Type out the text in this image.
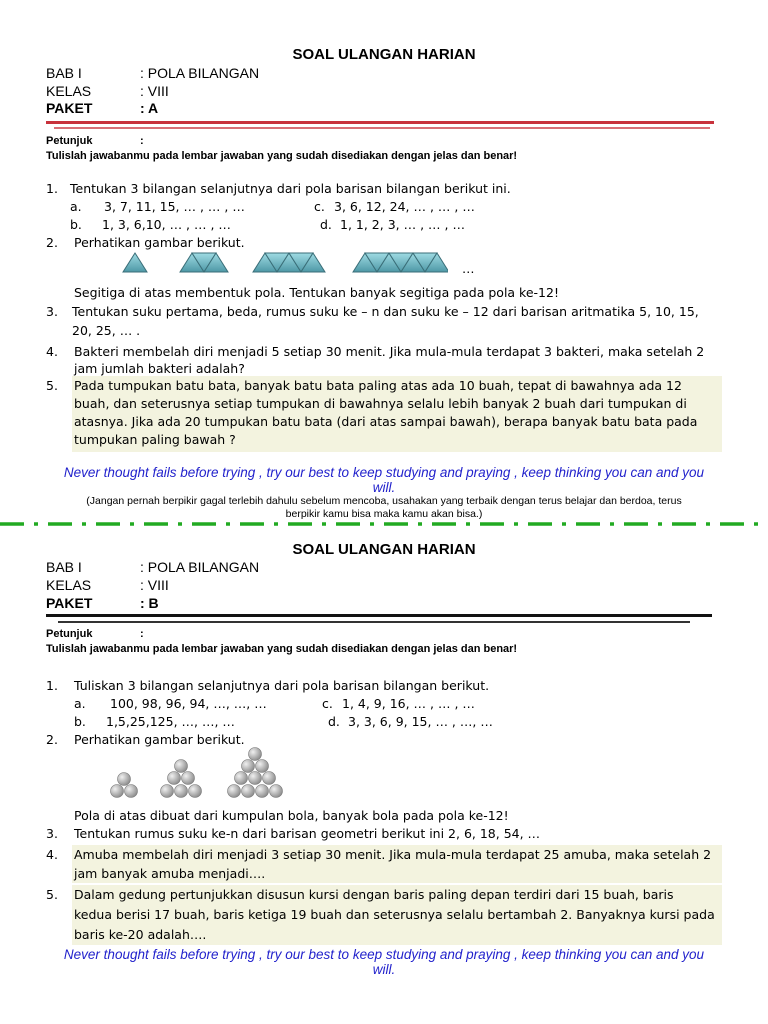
SOAL ULANGAN HARIAN
BAB I	: POLA BILANGAN
KELAS	: VIII
PAKET	: A
Petunjuk	:
Tulislah jawabanmu pada lembar jawaban yang sudah disediakan dengan jelas dan benar!
1. Tentukan 3 bilangan selanjutnya dari pola barisan bilangan berikut ini.
a. 3, 7, 11, 15, … , … , …	c. 3, 6, 12, 24, … , … , …
b. 1, 3, 6,10, … , … , …	d. 1, 1, 2, 3, … , … , …
2. Perhatikan gambar berikut.
…
Segitiga di atas membentuk pola. Tentukan banyak segitiga pada pola ke-12!
3. Tentukan suku pertama, beda, rumus suku ke – n dan suku ke – 12 dari barisan aritmatika 5, 10, 15,
20, 25, … .
4. Bakteri membelah diri menjadi 5 setiap 30 menit. Jika mula-mula terdapat 3 bakteri, maka setelah 2
jam jumlah bakteri adalah?
5. Pada tumpukan batu bata, banyak batu bata paling atas ada 10 buah, tepat di bawahnya ada 12
buah, dan seterusnya setiap tumpukan di bawahnya selalu lebih banyak 2 buah dari tumpukan di
atasnya. Jika ada 20 tumpukan batu bata (dari atas sampai bawah), berapa banyak batu bata pada
tumpukan paling bawah ?
Never thought fails before trying , try our best to keep studying and praying , keep thinking you can and you
will.
(Jangan pernah berpikir gagal terlebih dahulu sebelum mencoba, usahakan yang terbaik dengan terus belajar dan berdoa, terus
berpikir kamu bisa maka kamu akan bisa.)
SOAL ULANGAN HARIAN
BAB I	: POLA BILANGAN
KELAS	: VIII
PAKET	: B
Petunjuk	:
Tulislah jawabanmu pada lembar jawaban yang sudah disediakan dengan jelas dan benar!
1. Tuliskan 3 bilangan selanjutnya dari pola barisan bilangan berikut.
a. 100, 98, 96, 94, …, …, …	c. 1, 4, 9, 16, … , … , …
b. 1,5,25,125, …, …, …	d. 3, 3, 6, 9, 15, … , …, …
2. Perhatikan gambar berikut.
Pola di atas dibuat dari kumpulan bola, banyak bola pada pola ke-12!
3. Tentukan rumus suku ke-n dari barisan geometri berikut ini 2, 6, 18, 54, …
4. Amuba membelah diri menjadi 3 setiap 30 menit. Jika mula-mula terdapat 25 amuba, maka setelah 2
jam banyak amuba menjadi….
5. Dalam gedung pertunjukkan disusun kursi dengan baris paling depan terdiri dari 15 buah, baris
kedua berisi 17 buah, baris ketiga 19 buah dan seterusnya selalu bertambah 2. Banyaknya kursi pada
baris ke-20 adalah….
Never thought fails before trying , try our best to keep studying and praying , keep thinking you can and you
will.
